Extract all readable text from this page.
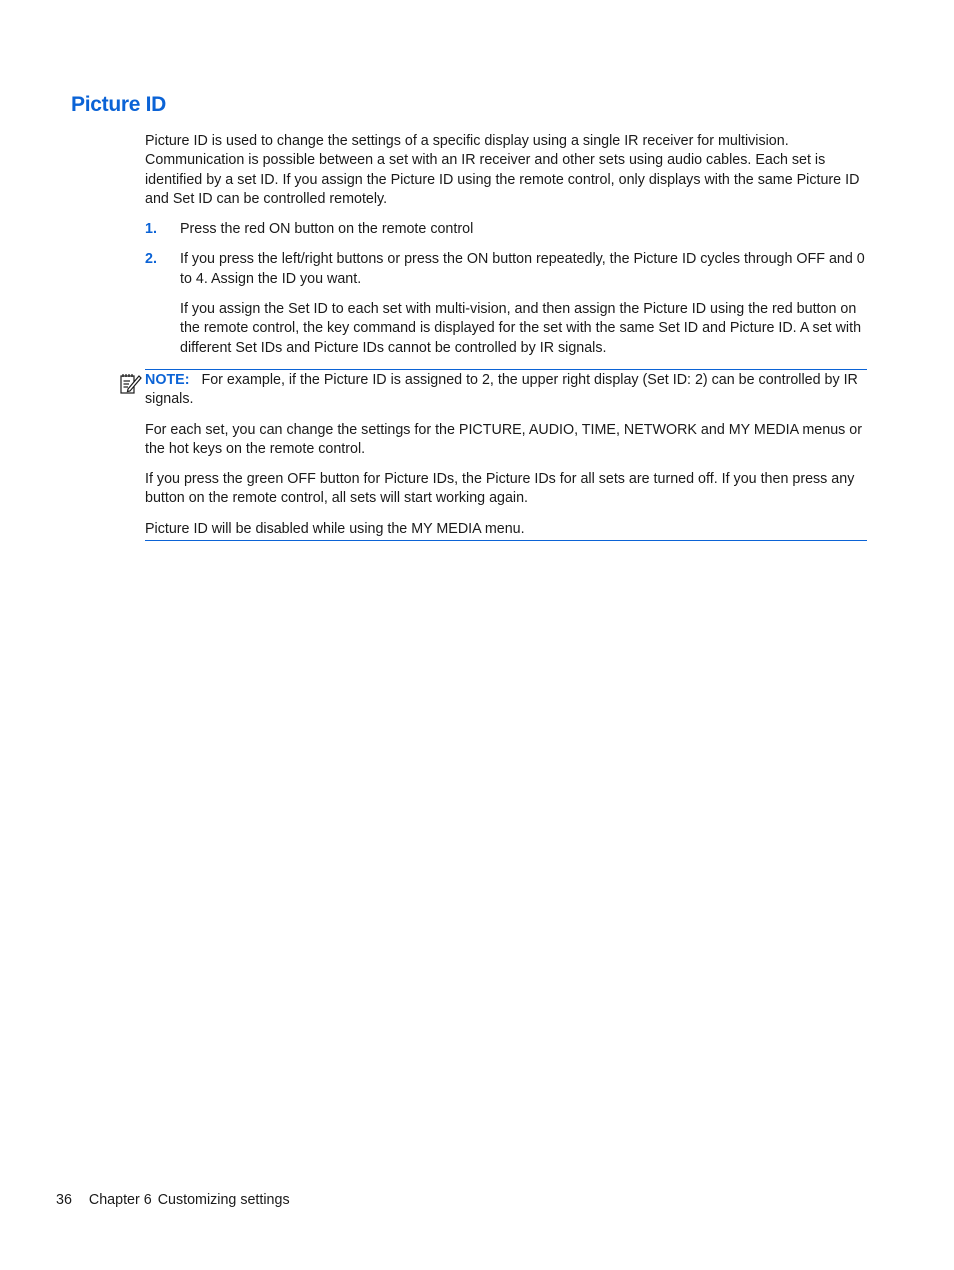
Picture ID

Picture ID is used to change the settings of a specific display using a single IR receiver for multivision. Communication is possible between a set with an IR receiver and other sets using audio cables. Each set is identified by a set ID. If you assign the Picture ID using the remote control, only displays with the same Picture ID and Set ID can be controlled remotely.

1. Press the red ON button on the remote control
2. If you press the left/right buttons or press the ON button repeatedly, the Picture ID cycles through OFF and 0 to 4. Assign the ID you want.

If you assign the Set ID to each set with multi-vision, and then assign the Picture ID using the red button on the remote control, the key command is displayed for the set with the same Set ID and Picture ID. A set with different Set IDs and Picture IDs cannot be controlled by IR signals.

NOTE: For example, if the Picture ID is assigned to 2, the upper right display (Set ID: 2) can be controlled by IR signals.

For each set, you can change the settings for the PICTURE, AUDIO, TIME, NETWORK and MY MEDIA menus or the hot keys on the remote control.

If you press the green OFF button for Picture IDs, the Picture IDs for all sets are turned off. If you then press any button on the remote control, all sets will start working again.

Picture ID will be disabled while using the MY MEDIA menu.

36 Chapter 6 Customizing settings
